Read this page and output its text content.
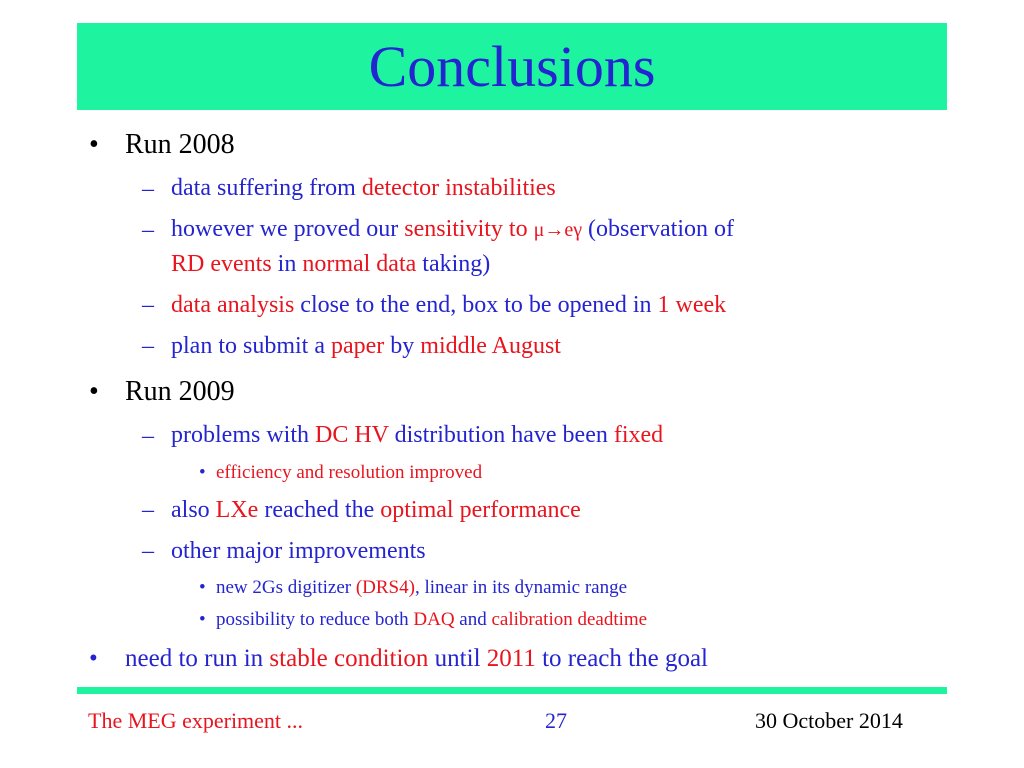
Conclusions
• Run 2008
– data suffering from detector instabilities
– however we proved our sensitivity to μ→eγ (observation of
RD events in normal data taking)
– data analysis close to the end, box to be opened in 1 week
– plan to submit a paper by middle August
• Run 2009
– problems with DC HV distribution have been fixed
• efficiency and resolution improved
– also LXe reached the optimal performance
– other major improvements
• new 2Gs digitizer (DRS4), linear in its dynamic range
• possibility to reduce both DAQ and calibration deadtime
• need to run in stable condition until 2011 to reach the goal
The MEG experiment ...	27	30 October 2014
